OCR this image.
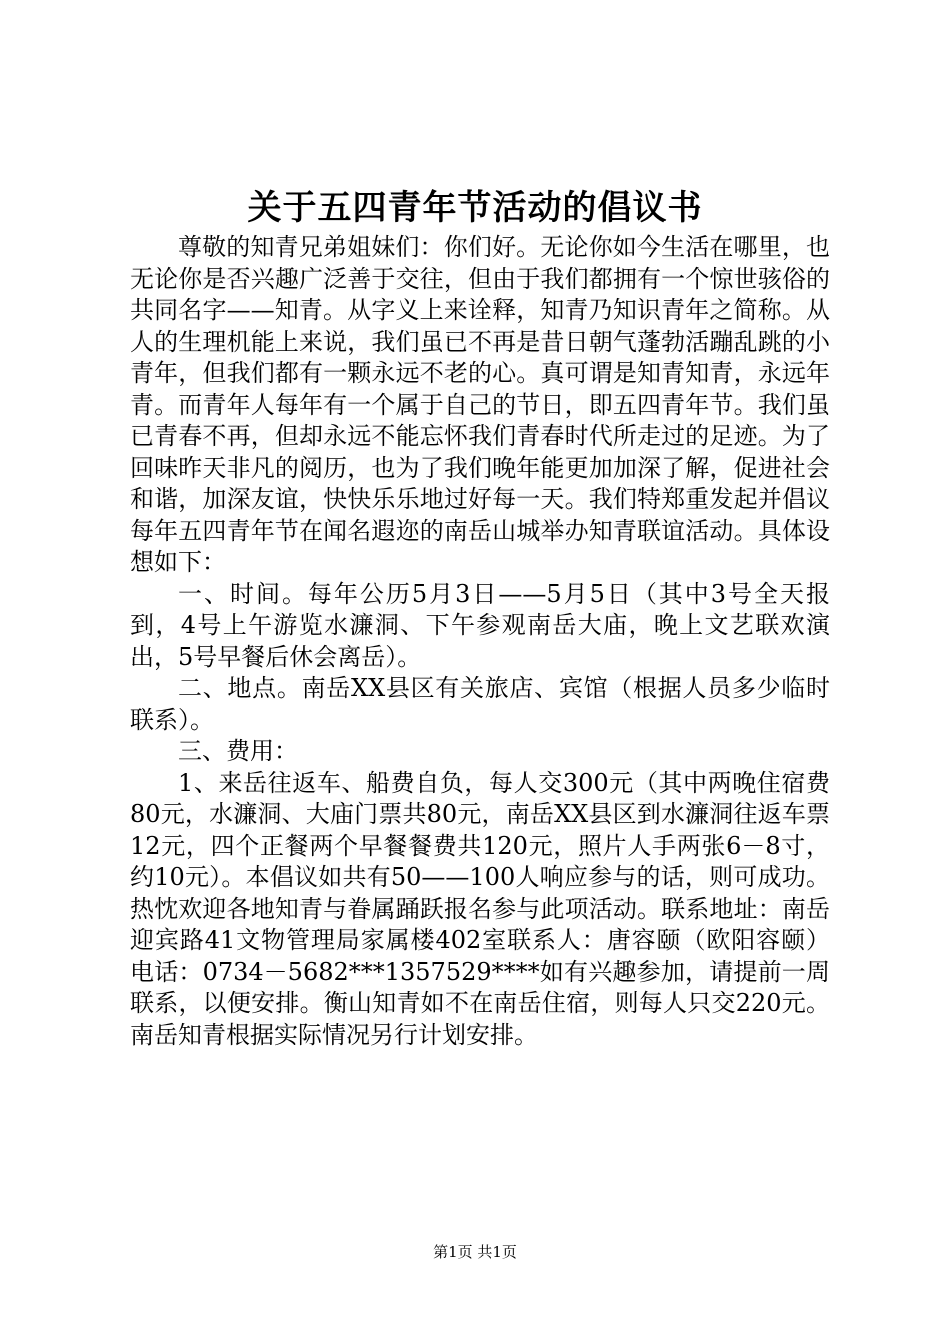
关于五四青年节活动的倡议书

尊敬的知青兄弟姐妹们：你们好。无论你如今生活在哪里，也无论你是否兴趣广泛善于交往，但由于我们都拥有一个惊世骇俗的共同名字——知青。从字义上来诠释，知青乃知识青年之简称。从人的生理机能上来说，我们虽已不再是昔日朝气蓬勃活蹦乱跳的小青年，但我们都有一颗永远不老的心。真可谓是知青知青，永远年青。而青年人每年有一个属于自己的节日，即五四青年节。我们虽已青春不再，但却永远不能忘怀我们青春时代所走过的足迹。为了回味昨天非凡的阅历，也为了我们晚年能更加加深了解，促进社会和谐，加深友谊，快快乐乐地过好每一天。我们特郑重发起并倡议每年五四青年节在闻名遐迩的南岳山城举办知青联谊活动。具体设想如下：

一、时间。每年公历5月3日——5月5日（其中3号全天报到，4号上午游览水濂洞、下午参观南岳大庙，晚上文艺联欢演出，5号早餐后休会离岳）。

二、地点。南岳XX县区有关旅店、宾馆（根据人员多少临时联系）。

三、费用：

1、来岳往返车、船费自负，每人交300元（其中两晚住宿费80元，水濂洞、大庙门票共80元，南岳XX县区到水濂洞往返车票12元，四个正餐两个早餐餐费共120元，照片人手两张6－8寸，约10元）。本倡议如共有50——100人响应参与的话，则可成功。热忱欢迎各地知青与眷属踊跃报名参与此项活动。联系地址：南岳迎宾路41文物管理局家属楼402室联系人：唐容颐（欧阳容颐）电话：0734－5682***1357529****如有兴趣参加，请提前一周联系，以便安排。衡山知青如不在南岳住宿，则每人只交220元。南岳知青根据实际情况另行计划安排。

第1页 共1页
